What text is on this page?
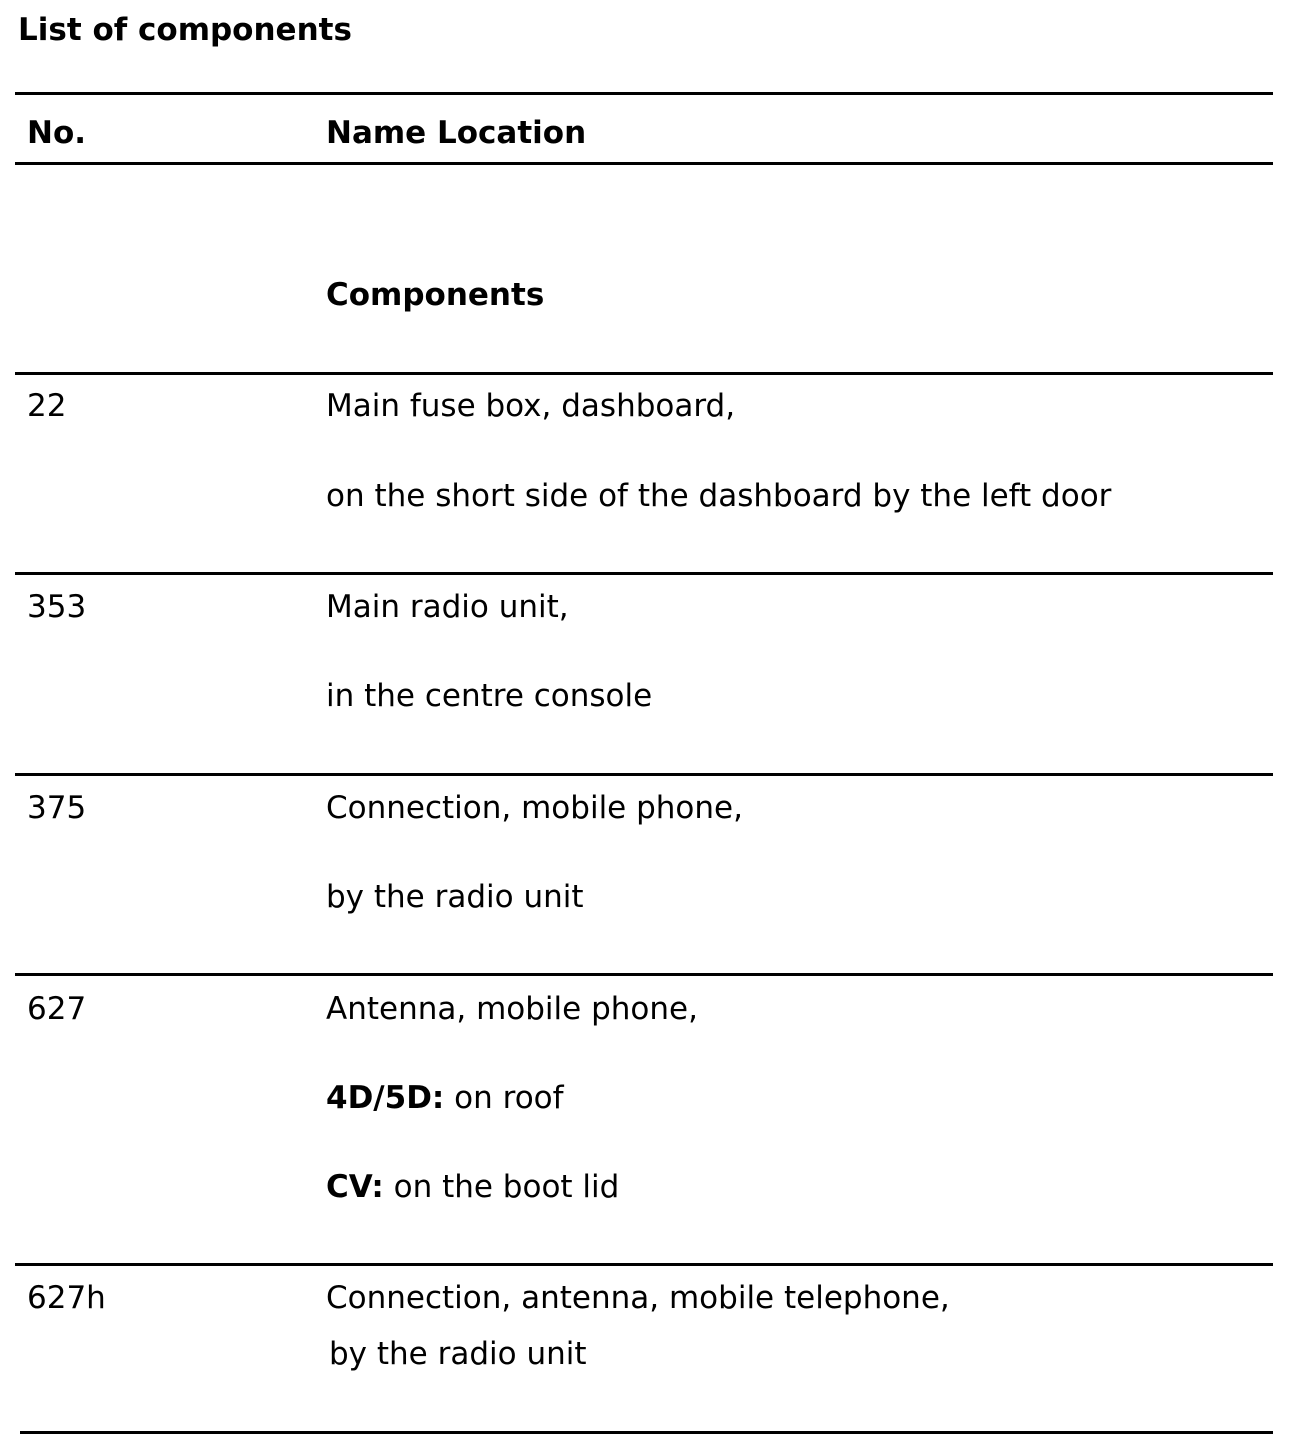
List of components
No.	Name Location
Components
22	Main fuse box, dashboard,
on the short side of the dashboard by the left door
353	Main radio unit,
in the centre console
375	Connection, mobile phone,
by the radio unit
627	Antenna, mobile phone,
4D/5D: on roof
CV: on the boot lid
627h	Connection, antenna, mobile telephone,
by the radio unit
